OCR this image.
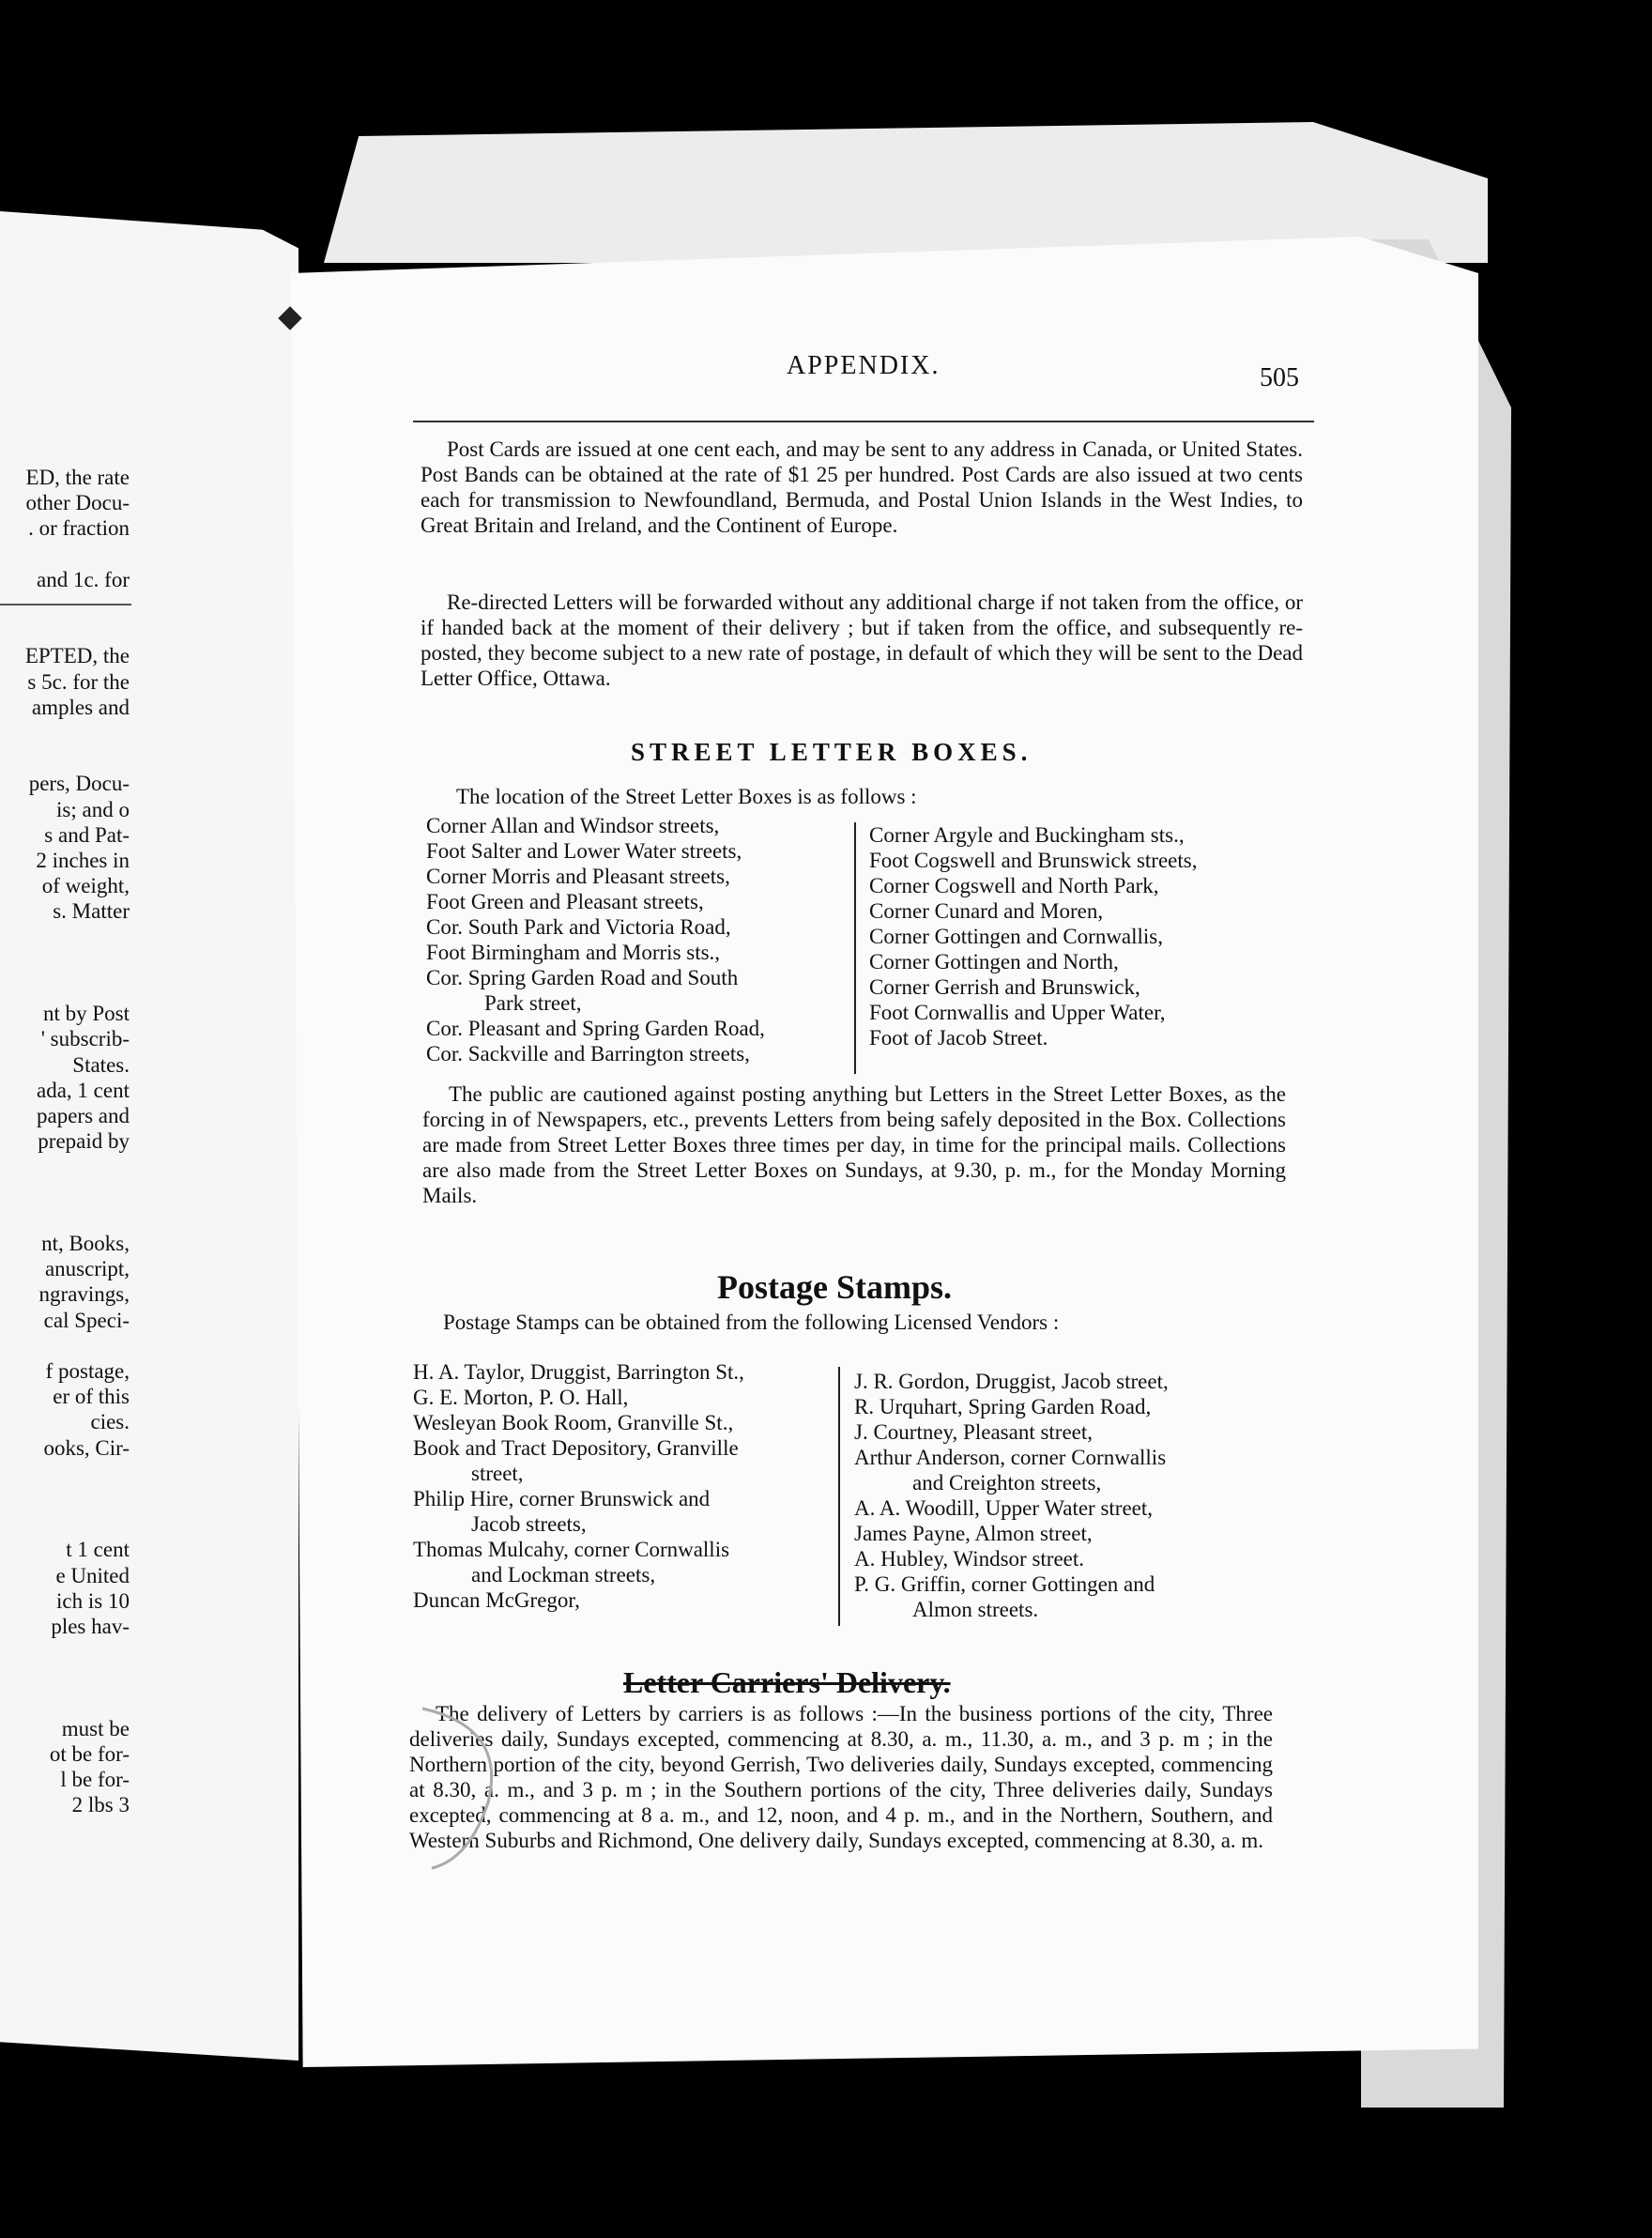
ED, the rate
other Docu-
. or fraction
and 1c. for
EPTED, the
s 5c. for the
amples and
pers, Docu-
is; and o
s and Pat-
2 inches in
of weight,
s. Matter
nt by Post
' subscrib-
States.
ada, 1 cent
papers and
prepaid by
nt, Books,
anuscript,
ngravings,
cal Speci-
f postage,
er of this
cies.
ooks, Cir-
t 1 cent
e United
ich is 10
ples hav-
must be
ot be for-
l be for-
2 lbs 3
APPENDIX.	505
Post Cards are issued at one cent each, and may be sent to any address in Canada, or United States. Post Bands can be obtained at the rate of $1 25 per hundred. Post Cards are also issued at two cents each for transmission to Newfoundland, Bermuda, and Postal Union Islands in the West Indies, to Great Britain and Ireland, and the Continent of Europe.
Re-directed Letters will be forwarded without any additional charge if not taken from the office, or if handed back at the moment of their delivery ; but if taken from the office, and subsequently re-posted, they become subject to a new rate of postage, in default of which they will be sent to the Dead Letter Office, Ottawa.
STREET LETTER BOXES.
The location of the Street Letter Boxes is as follows :
Corner Allan and Windsor streets,
Foot Salter and Lower Water streets,
Corner Morris and Pleasant streets,
Foot Green and Pleasant streets,
Cor. South Park and Victoria Road,
Foot Birmingham and Morris sts.,
Cor. Spring Garden Road and South
Park street,
Cor. Pleasant and Spring Garden Road,
Cor. Sackville and Barrington streets,
Corner Argyle and Buckingham sts.,
Foot Cogswell and Brunswick streets,
Corner Cogswell and North Park,
Corner Cunard and Moren,
Corner Gottingen and Cornwallis,
Corner Gottingen and North,
Corner Gerrish and Brunswick,
Foot Cornwallis and Upper Water,
Foot of Jacob Street.
The public are cautioned against posting anything but Letters in the Street Letter Boxes, as the forcing in of Newspapers, etc., prevents Letters from being safely deposited in the Box. Collections are made from Street Letter Boxes three times per day, in time for the principal mails. Collections are also made from the Street Letter Boxes on Sundays, at 9.30, p. m., for the Monday Morning Mails.
Postage Stamps.
Postage Stamps can be obtained from the following Licensed Vendors :
H. A. Taylor, Druggist, Barrington St.,
G. E. Morton, P. O. Hall,
Wesleyan Book Room, Granville St.,
Book and Tract Depository, Granville
street,
Philip Hire, corner Brunswick and
Jacob streets,
Thomas Mulcahy, corner Cornwallis
and Lockman streets,
Duncan McGregor,
J. R. Gordon, Druggist, Jacob street,
R. Urquhart, Spring Garden Road,
J. Courtney, Pleasant street,
Arthur Anderson, corner Cornwallis
and Creighton streets,
A. A. Woodill, Upper Water street,
James Payne, Almon street,
A. Hubley, Windsor street.
P. G. Griffin, corner Gottingen and
Almon streets.
Letter Carriers' Delivery.
The delivery of Letters by carriers is as follows :—In the business portions of the city, Three deliveries daily, Sundays excepted, commencing at 8.30, a. m., 11.30, a. m., and 3 p. m ; in the Northern portion of the city, beyond Gerrish, Two deliveries daily, Sundays excepted, commencing at 8.30, a. m., and 3 p. m ; in the Southern portions of the city, Three deliveries daily, Sundays excepted, commencing at 8 a. m., and 12, noon, and 4 p. m., and in the Northern, Southern, and Western Suburbs and Richmond, One delivery daily, Sundays excepted, commencing at 8.30, a. m.
